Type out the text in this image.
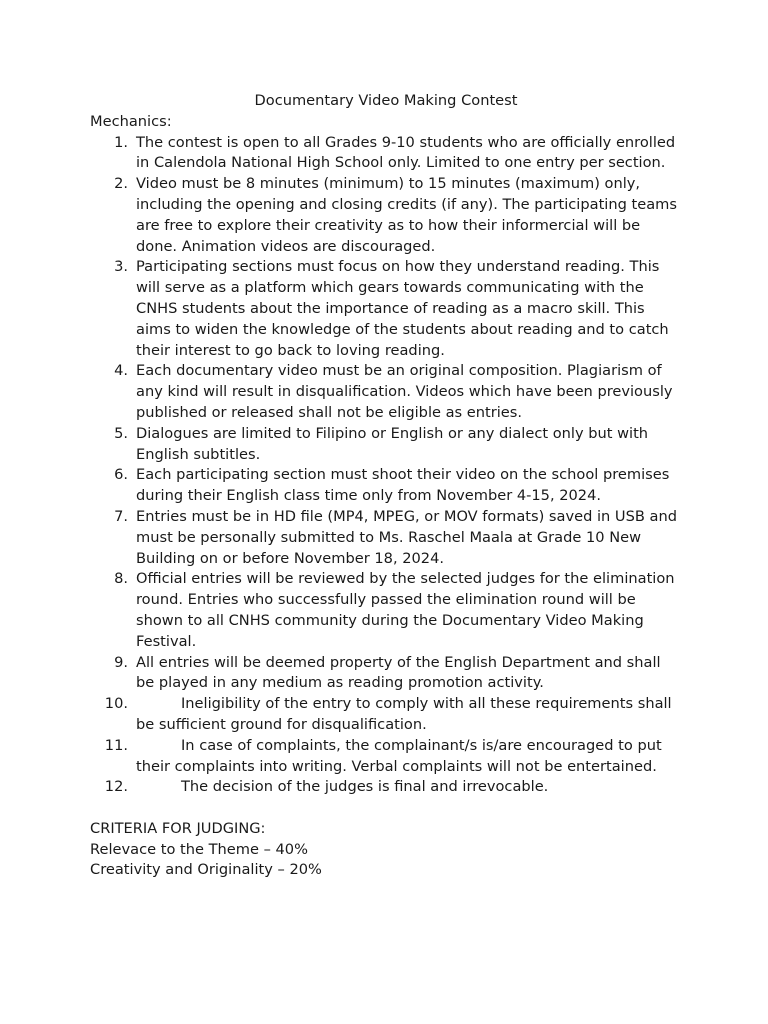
Documentary Video Making Contest

Mechanics:

1. The contest is open to all Grades 9-10 students who are officially enrolled in Calendola National High School only. Limited to one entry per section.
2. Video must be 8 minutes (minimum) to 15 minutes (maximum) only, including the opening and closing credits (if any). The participating teams are free to explore their creativity as to how their informercial will be done. Animation videos are discouraged.
3. Participating sections must focus on how they understand reading. This will serve as a platform which gears towards communicating with the CNHS students about the importance of reading as a macro skill. This aims to widen the knowledge of the students about reading and to catch their interest to go back to loving reading.
4. Each documentary video must be an original composition. Plagiarism of any kind will result in disqualification. Videos which have been previously published or released shall not be eligible as entries.
5. Dialogues are limited to Filipino or English or any dialect only but with English subtitles.
6. Each participating section must shoot their video on the school premises during their English class time only from November 4-15, 2024.
7. Entries must be in HD file (MP4, MPEG, or MOV formats) saved in USB and must be personally submitted to Ms. Raschel Maala at Grade 10 New Building on or before November 18, 2024.
8. Official entries will be reviewed by the selected judges for the elimination round. Entries who successfully passed the elimination round will be shown to all CNHS community during the Documentary Video Making Festival.
9. All entries will be deemed property of the English Department and shall be played in any medium as reading promotion activity.
10.	Ineligibility of the entry to comply with all these requirements shall be sufficient ground for disqualification.
11.	In case of complaints, the complainant/s is/are encouraged to put their complaints into writing. Verbal complaints will not be entertained.
12.	The decision of the judges is final and irrevocable.

CRITERIA FOR JUDGING:

Relevace to the Theme – 40%

Creativity and Originality – 20%
